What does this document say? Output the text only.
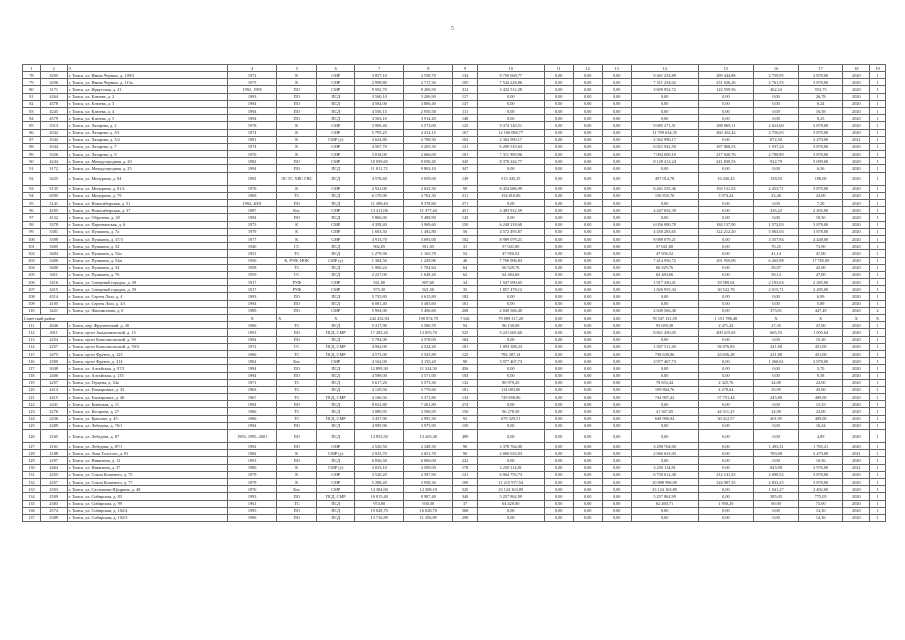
5
1	2	3	4	5	6	7	8	9	10	11	12	13	14	15	16	17	18	19
78	3295	г. Томск, ул. Ивана Черных, д. 109/3	1972	К	СМР	3 857,10	3 558,70	134	9 750 668,77	0,00	0,00	0,00	9 461 253,89	289 444,88	2 759,95	3 878,00	2020	1
79	3296	г. Томск, ул. Ивана Черных, д. 113а	1975	К	СМР	2 998,80	2 717,30	105	7 542 228,86	0,00	0,00	0,00	7 311 254,62	231 026,26	2 761,55	3 878,00	2020	1
80	3171	г. Томск, ул. Иркутская, д. 21	1992, 1995	ПО	СМР	9 502,70	8 269,50	312	3 422 512,28	0,00	0,00	0,00	3 699 952,72	122 559,56	462,24	553,75	2020	1
81	4264	г. Томск, ул. Клюева, д. 2	1993	ПО	ПСД	3 560,10	3 206,90	117	0,00	0,00	0,00	0,00	0,00	0,00	0,00	26,78	2020	1
82	4578	г. Томск, ул. Клюева, д. 3	1994	ПО	ПСД	4 584,00	3 800,40	147	0,00	0,00	0,00	0,00	0,00	0,00	0,00	8,24	2020	1
83	4245	г. Томск, ул. Клюева, д. 4	1994	ПО	ПСД	4 556,15	2 950,58	111	0,00	0,00	0,00	0,00	0,00	0,00	0,00	16,58	2020	1
84	4579	г. Томск, ул. Клюева, д. 5	1994	ПО	ПСД	4 563,10	3 914,20	148	0,00	0,00	0,00	0,00	0,00	0,00	0,00	8,25	2020	1
85	3313	г. Томск, ул. Лазарева, д. 2	1978	К	СМР	3 909,40	3 573,00	125	9 374 140,51	0,00	0,00	0,00	9 085 271,51	288 869,11	2 623,60	3 878,00	2020	1
86	4542	г. Томск, ул. Лазарева, д. 5/1	1974	К	СМР	5 795,25	4 412,15	167	12 160 086,77	0,00	0,00	0,00	11 799 634,35	360 452,42	2 756,05	3 878,00	2020	1
87	4542	г. Томск, ул. Лазарева, д. 5/2	1981	К	СМР (у)	3 624,80	2 708,30	102	2 362 990,17	0,00	0,00	0,00	2 362 990,17	0,00	872,50	3 470,00	2021	1
88	4544	г. Томск, ул. Лазарева, д. 7	1974	К	СМР	4 567,70	3 205,50	121	6 209 510,63	0,00	0,00	0,00	6 021 942,50	187 868,53	1 937,24	3 878,00	2020	1
89	3326	г. Томск, ул. Лазарева, д. 9	1976	К	СМР	3 018,00	2 666,00	101	7 311 909,86	0,00	0,00	0,00	7 094 000,10	217 920,76	2 708,89	3 878,00	2020	1
90	4244	г. Томск, ул. Междугородная, д. 20	1992	ПО	СМР	10 050,65	9 050,45	345	8 370 242,77	0,00	0,00	0,00	8 128 412,24	241 830,53	922,79	5 099,68	2020	1
91	3172	г. Томск, ул. Междугородная, д. 25	1994	ПО	ПСД	11 811,72	9 863,10	347	0,00	0,00	0,00	0,00	0,00	0,00	0,00	6,56	2020	1
92	3425	г. Томск, ул. Мичурина, д. 84	1992	ЭС ТС ХВС ГВС	ПСД	4 578,60	3 059,00	149	513 445,25	0,00	0,00	0,00	497 014,78	16 430,45	158,03	188,00	2020	1
93	5135	г. Томск, ул. Мичурина, д. 81/2	1976	К	СМР	2 921,00	2 633,30	99	6 454 686,99	0,00	0,00	0,00	6 261 555,46	193 131,53	2 453,71	3 878,00	2020	1
94	6595	г. Томск, ул. Мичурина, д. 79	1969	ТС	ПСД	6 170,00	3 762,30	211	154 810,00	0,00	0,00	0,00	150 835,76	3 974,24	23,40	24,00	2020	1
95	3141	г. Томск, ул. Новосибирская, д. 51	1994, 2001	ПО	ПСД	11 490,40	8 378,60	271	0,00	0,00	0,00	0,00	0,00	0,00	0,00	7,20	2020	1
96	4205	г. Томск, ул. Новосибирская, д. 37	1987	Кчс	СМР	13 411,06	11 377,44	451	4 483 912,59	0,00	0,00	0,00	4 447 692,39	0,00	326,22	2 492,00	2020	1
97	4122	г. Томск, ул. Обручева, д. 20	1994	ПО	ПСД	5 866,00	5 489,90	145	0,00	0,00	0,00	0,00	0,00	0,00	0,00	18,50	2020	1
98	3378	г. Томск, ул. Партизанская, д. 6	1973	К	СМР	4 358,40	3 969,60	150	6 240 218,68	0,00	0,00	0,00	6 056 080,78	184 137,90	1 572,03	3 878,00	2020	1
99	3381	г. Томск, ул. Пушкина, д. 7а	1979	К	СМР	1 603,50	1 492,80	56	4 572 495,87	0,00	0,00	0,00	4 450 283,65	122 212,20	5 063,03	3 878,00	2020	1
100	3398	г. Томск, ул. Пушкина, д. 37/3	1977	К	СМР	4 913,70	3 695,00	102	8 989 079,21	0,00	0,00	0,00	8 989 079,21	0,00	3 357,94	4 448,00	2020	1
101	5405	г. Томск, ул. Пушкина, д. 52	1940	ГС	ПСД	902,05	811,05	31	57 041,80	0,00	0,00	0,00	57 041,80	0,00	70,25	73,00	2020	1
102	3404	г. Томск, ул. Пушкина, д. 52и	1951	ТС	ПСД	1 279,38	1 165,78	52	47 956,52	0,00	0,00	0,00	47 956,52	0,00	41,14	47,00	2020	1
103	5406	г. Томск, ул. Пушкина, д. 52м	1956	К, РУФ, ИОК	СМР (у)	1 384,56	1 229,96	46	7 706 906,83	0,00	0,00	0,00	7 414 956,72	291 950,08	6 265,98	17 765,00	2020	1
104	3400	г. Томск, ул. Пушкина, д. 54	1958	ТС	ПСД	1 900,24	1 702,64	64	66 529,76	0,00	0,00	0,00	66 529,76	0,00	39,07	42,00	2020	1
105	3411	г. Томск, ул. Пушкина, д. 76	1959	ГС	ПСД	2 227,00	1 649,20	62	64 484,66	0,00	0,00	0,00	64 484,66	0,00	39,12	47,00	2020	1
106	3416	г. Томск, ул. Северный городок, д. 58	1917	РУФ	СМР	941,00	887,60	34	1 947 099,65	0,00	0,00	0,00	1 917 430,41	29 580,04	2 193,04	2 285,00	2020	1
107	3415	г. Томск, ул. Северный городок, д. 59	1917	РУФ	СМР	975,30	921,50	35	1 857 478,12	0,00	0,00	0,00	1 826 955,34	30 522,78	2 015,71	2 285,00	2020	1
108	4314	г. Томск, ул. Сергея Лазо, д. 4	1993	ПО	ПСД	5 735,80	4 615,80	182	0,00	0,00	0,00	0,00	0,00	0,00	0,00	6,99	2020	1
109	4105	г. Томск, ул. Сергея Лазо, д. 4/1	1994	ПО	ПСД	6 081,40	5 483,60	161	0,00	0,00	0,00	0,00	0,00	0,00	0,00	5,89	2020	1
110	3421	г. Томск, ул. Филимонова, д. 6	1989	ПО	СМР	5 994,00	5 496,60	208	2 049 566,40	0,00	0,00	0,00	2 049 566,40	0,00	373,01	447,49	2020	2
Советский район			X	X	X	242 252,94	198 874,79	7 641	79 099 317,20	0,00	0,00	0,00	78 547 131,59	1 151 786,48	X	X	X	X
111	2646	г. Томск, пер. Фрунзенский, д. 28	1966	ТС	ПСД	5 317,90	3 580,70	94	96 130,00	0,00	0,00	0,00	93 659,38	2 471,22	27,35	47,00	2020	1
112	2011	г. Томск, пр-кт Академический, д. 15	1993	ПО	ПСД, СМР	17 282,20	13 855,70	525	9 221 665,60	0,00	0,00	0,00	8 821 450,05	400 215,65	665,55	1 005,64	2020	1
113	2254	г. Томск, пр-кт Комсомольский, д. 59	1994	ПО	ПСД	5 784,00	4 578,00	184	0,00	0,00	0,00	0,00	0,00	0,00	0,00	15,36	2020	1
114	2257	г. Томск, пр-кт Комсомольский, д. 59/2	1972	ГС	ПСД, СМР	4 962,00	4 524,20	181	1 093 388,23	0,00	0,00	0,00	1 037 511,40	56 076,83	241,68	431,00	2020	1
115	2475	г. Томск, пр-кт Фрунзе, д. 123	1966	ТС	ПСД, СМР	4 575,00	3 525,89	125	782 387,14	0,00	0,00	0,00	738 630,86	43 656,28	221,88	431,00	2020	1
116	2580	г. Томск, пр-кт Фрунзе, д. 214	1962	Кчс	СМР	4 162,00	3 155,20	90	3 977 467,73	0,00	0,00	0,00	3 977 467,73	0,00	1 260,61	3 878,00	2020	1
117	3048	г. Томск, ул. Алтайская, д. 97/1	1994	ПО	ПСД	12 899,30	11 324,30	456	0,00	0,00	0,00	0,00	0,00	0,00	0,00	5,70	2020	1
118	2406	г. Томск, ул. Алтайская, д. 135	1994	ПО	ПСД	4 598,00	3 571,00	104	0,00	0,00	0,00	0,00	0,00	0,00	0,00	9,38	2020	1
119	2257	г. Томск, ул. Герцена, д. 54а	1971	ТС	ПСД	5 617,20	3 573,30	132	80 979,20	0,00	0,00	0,00	78 653,44	2 325,76	24,00	24,00	2020	1
120	2414	г. Томск, ул. Елизаровых, д. 35	1963	ТС	ПСД	4 129,50	3 770,60	181	114 083,00	0,00	0,00	0,00	109 804,76	4 278,64	35,95	45,00	2020	1
121	2415	г. Томск, ул. Елизаровых, д. 40	1967	ТС	ПСД, СМР	4 166,30	3 371,86	134	729 658,86	0,00	0,00	0,00	744 907,42	57 751,44	245,80	409,00	2020	1
122	2441	г. Томск, ул. Киевская, д. 11	1994	ПО	ПСД	8 652,80	7 261,80	274	0,00	0,00	0,00	0,00	0,00	0,00	0,00	13,35	2020	1
123	2276	г. Томск, ул. Косарева, д. 27	1966	ТС	ПСД	3 880,95	3 596,95	156	96 278,30	0,00	0,00	0,00	41 567,05	44 511,25	24,00	24,00	2020	1
124	2436	г. Томск, ул. Красина, д. 45	1966	ТС	ПСД, СМР	3 437,90	2 995,30	92	679 329,51	0,00	0,00	0,00	648 906,94	30 412,57	261,95	409,00	2020	1
125	2289	г. Томск, ул. Лебедева, д. 76/1	1994	ПО	ПСД	4 995,90	3 975,90	150	0,00	0,00	0,00	0,00	0,00	0,00	0,00	16,24	2020	1
126	2165	г. Томск, ул. Лебедева, д. 87	1993, 1995, 2001	ПО	ПСД	14 853,50	13 265,40	489	0,00	0,00	0,00	0,00	0,00	0,00	0,00	4,89	2020	1
127	2161	г. Томск, ул. Лебедева, д. 87/1	1992	ПО	СМР	2 520,50	2 348,50	96	3 378 764,00	0,00	0,00	0,00	3 298 764,00	0,00	1 493,31	1 765,21	2020	1
128	2188	г. Томск, ул. Льва Толстого, д. 81	1982	К	СМР (у)	2 925,70	2 651,70	90	2 060 633,03	0,00	0,00	0,00	2 060 633,03	0,00	783,08	3 470,00	2021	1
129	2297	г. Томск, ул. Никитина, д. 12	1993	ПО	ПСД	6 836,50	6 060,00	222	0,00	0,00	0,00	0,00	0,00	0,00	0,00	10,56	2020	1
130	2464	г. Томск, ул. Никитина, д. 37	1980	К	СМР (у)	3 653,10	3 509,00	178	3 250 114,81	0,00	0,00	0,00	3 250 114,81	0,00	845,98	3 976,00	2021	1
131	2455	г. Томск, ул. Ольги Кошевого, д. 75	1979	К	СМР	3 520,20	2 587,90	121	6 964 755,73	0,00	0,00	0,00	6 750 612,48	212 141,25	2 690,52	3 878,00	2020	1
132	2457	г. Томск, ул. Ольги Кошевого, д. 77	1979	К	СМР	5 288,20	3 958,30	109	11 215 977,54	0,00	0,00	0,00	10 898 996,09	324 987,25	2 833,25	3 878,00	2020	1
133	2503	г. Томск, ул. Салтыкова-Щедрина, д. 48	1976	Кчс	СМР	14 384,00	12 308,10	520	23 124 163,89	0,00	0,00	0,00	23 124 163,89	0,00	1 041,27	2 492,00	2020	1
134	2509	г. Томск, ул. Сибирская, д. 83	1993	ПО	ПСД, СМР	10 815,40	8 987,40	340	5 257 862,99	0,00	0,00	0,00	5 257 862,99	0,00	585,05	775,05	2020	1
135	2383	г. Томск, ул. Сибирская, д. 99	1961	ТС	ПСД	974,00	930,30	37	64 420,00	0,00	0,00	0,00	62 460,71	1 958,29	69,00	73,00	2020	1
136	2574	г. Томск, ул. Сибирская, д. 102/4	1995	ПО	ПСД	19 028,70	16 028,70	568	0,00	0,00	0,00	0,00	0,00	0,00	0,00	14,30	2020	1
137	2389	г. Томск, ул. Сибирская, д. 102/3	1996	ПО	ПСД	13 716,89	11 256,89	298	0,00	0,00	0,00	0,00	0,00	0,00	0,00	14,36	2020	1
